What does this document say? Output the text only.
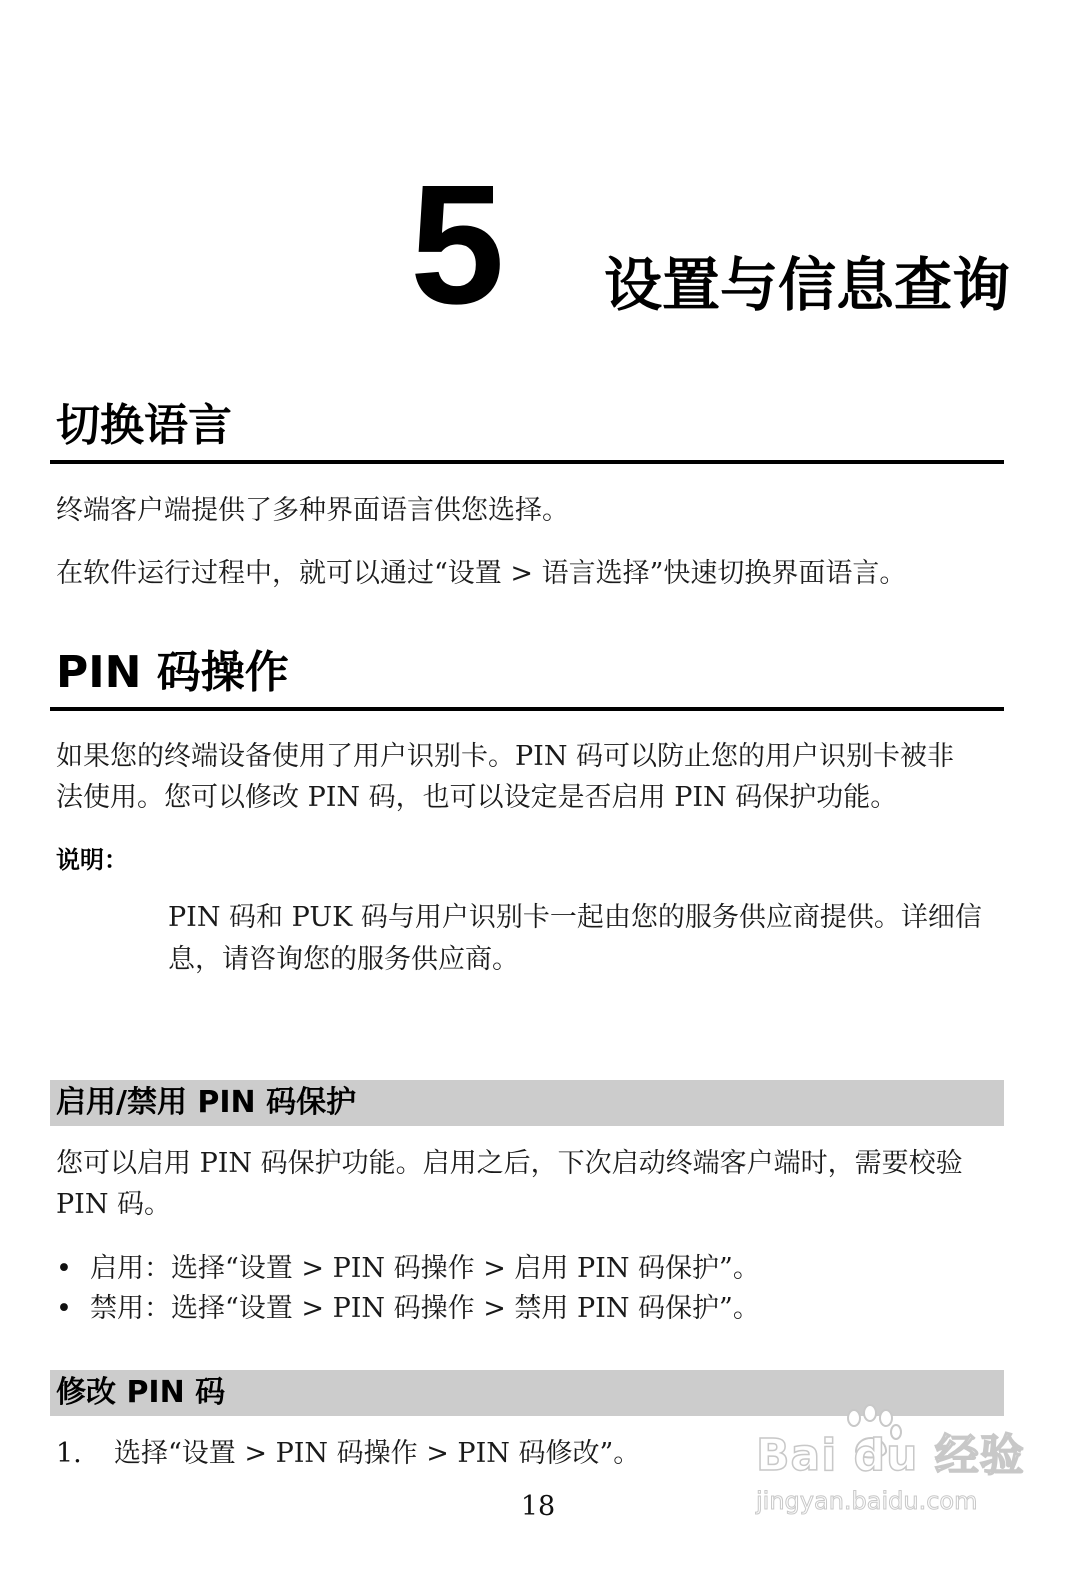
5 设置与信息查询
切换语言
终端客户端提供了多种界面语言供您选择。
在软件运行过程中，就可以通过“设置 > 语言选择”快速切换界面语言。
PIN 码操作
如果您的终端设备使用了用户识别卡。PIN 码可以防止您的用户识别卡被非
法使用。您可以修改 PIN 码，也可以设定是否启用 PIN 码保护功能。
说明：
PIN 码和 PUK 码与用户识别卡一起由您的服务供应商提供。详细信
息，请咨询您的服务供应商。
启用/禁用 PIN 码保护
您可以启用 PIN 码保护功能。启用之后，下次启动终端客户端时，需要校验
PIN 码。
• 启用：选择“设置 > PIN 码操作 > 启用 PIN 码保护”。
• 禁用：选择“设置 > PIN 码操作 > 禁用 PIN 码保护”。
修改 PIN 码
1. 选择“设置 > PIN 码操作 > PIN 码修改”。	Bai du 经验
jingyan.baidu.com
18
